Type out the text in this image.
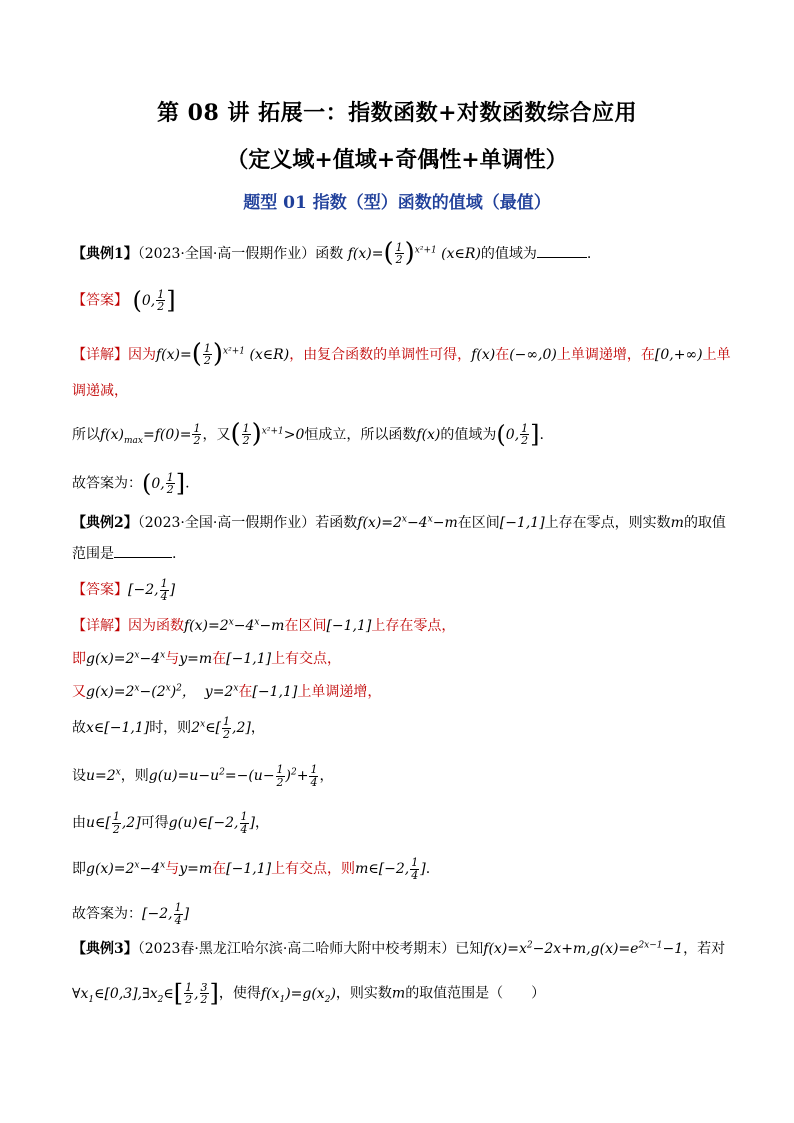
第 08 讲 拓展一：指数函数+对数函数综合应用
（定义域+值域+奇偶性+单调性）
题型 01 指数（型）函数的值域（最值）
【典例1】（2023·全国·高一假期作业）函数 $f(x)=( \frac{1}{2} )^{x^2+1}$ (x∈R)的值域为	.
【答案】 (0, $\frac{1}{2}$ ]
【详解】因为$f(x)=( \frac{1}{2} )^{x^2+1}$ (x∈R)，由复合函数的单调性可得，f(x)在(−∞,0)上单调递增，在[0,+∞)上单
调递减，
所以$f(x)_{max}=f(0)= \frac{1}{2}$ ，又( $\frac{1}{2} )^{x^2+1}>0$恒成立，所以函数f(x)的值域为(0, $\frac{1}{2}$ ].
故答案为：(0, $\frac{1}{2}$ ].
【典例2】（2023·全国·高一假期作业）若函数$f(x)=2^x-4^x-m$在区间[−1,1]上存在零点，则实数m的取值
范围是	.
【答案】[−2, $\frac{1}{4}$ ]
【详解】因为函数$f(x)=2^x-4^x-m$在区间[−1,1]上存在零点，
即$g(x)=2^x-4^x$与y=m在[−1,1]上有交点，
又$g(x)=2^x-(2^x)^2$，  $y=2^x$在[−1,1]上单调递增，
故x∈[−1,1]时，则2$^x$∈[ $\frac{1}{2} ,2$]，
设$u=2^x$，则$g(u)=u-u^2=-(u- \frac{1}{2} )^2+ \frac{1}{4}$ ，
由u∈[ $\frac{1}{2} ,2$]可得g(u)∈[−2, $\frac{1}{4}$ ]，
即$g(x)=2^x-4^x$与y=m在[−1,1]上有交点，则m∈[−2, $\frac{1}{4}$ ].
故答案为：[−2, $\frac{1}{4}$ ]
【典例3】（2023春·黑龙江哈尔滨·高二哈师大附中校考期末）已知$f(x)=x^2-2x+m,g(x)=e^{2x-1}-1$，若对
$\forall x_1\in[0,3],\exists x_2\in[ \frac{1}{2}$ , $\frac{3}{2}$ ]，使得$f(x_1)=g(x_2)$，则实数m的取值范围是（　　）
